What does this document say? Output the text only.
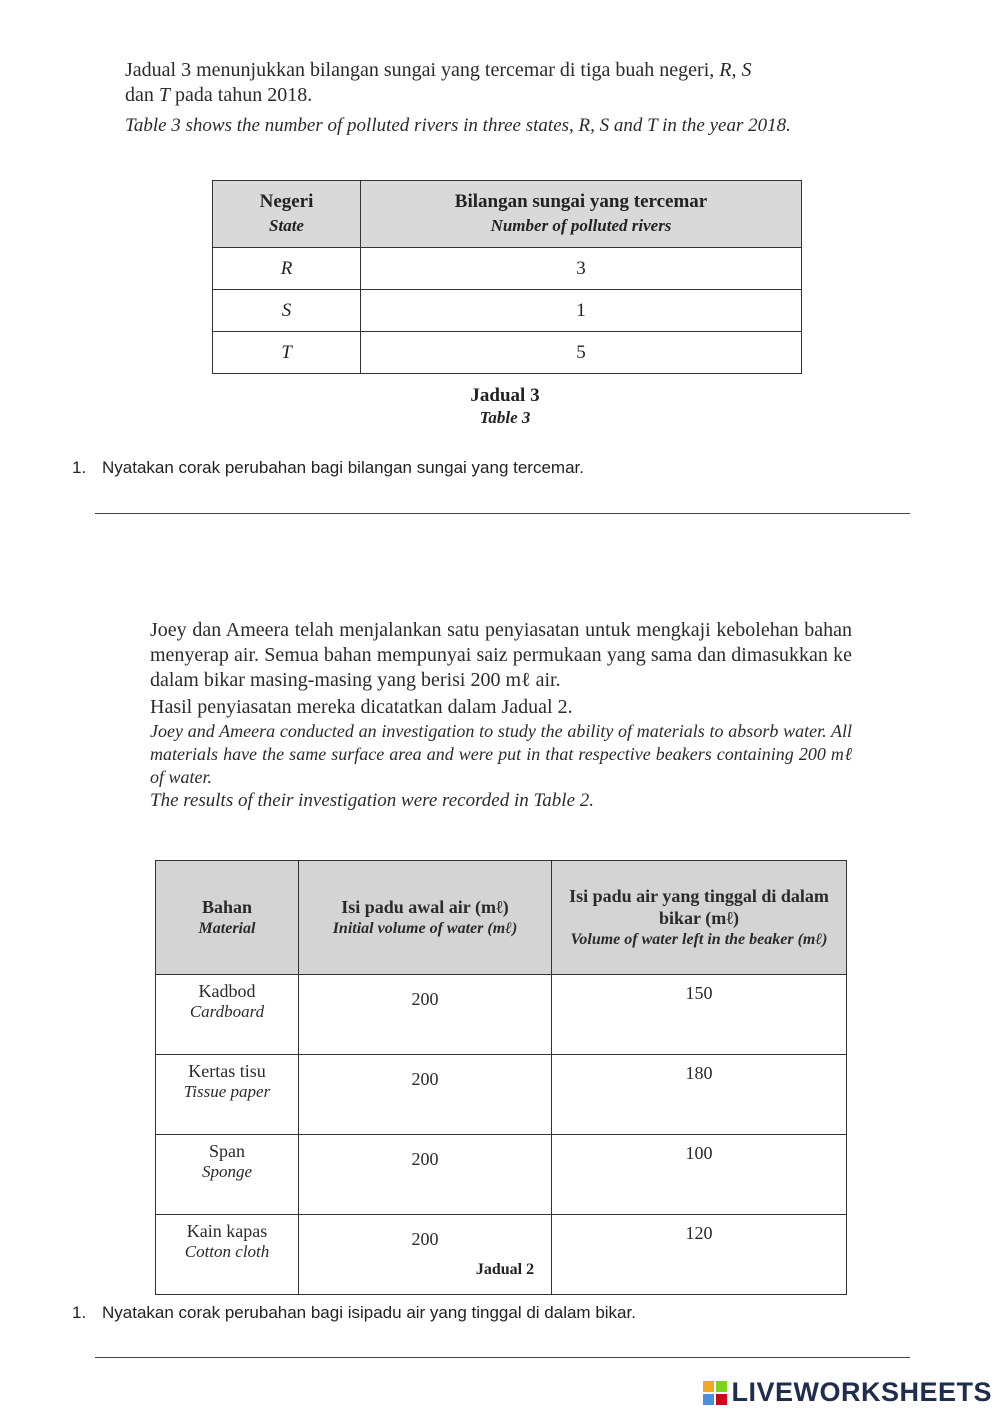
Jadual 3 menunjukkan bilangan sungai yang tercemar di tiga buah negeri, R, S
dan T pada tahun 2018.

Table 3 shows the number of polluted rivers in three states, R, S and T in the year 2018.

Negeri
State	Bilangan sungai yang tercemar
Number of polluted rivers

R	3
S	1
T	5
Jadual 3
Table 3
1. Nyatakan corak perubahan bagi bilangan sungai yang tercemar.
Joey dan Ameera telah menjalankan satu penyiasatan untuk mengkaji kebolehan bahan menyerap air. Semua bahan mempunyai saiz permukaan yang sama dan dimasukkan ke dalam bikar masing-masing yang berisi 200 mℓ air.
Hasil penyiasatan mereka dicatatkan dalam Jadual 2.
Joey and Ameera conducted an investigation to study the ability of materials to absorb water. All materials have the same surface area and were put in that respective beakers containing 200 mℓ of water.
The results of their investigation were recorded in Table 2.
Bahan
Material	Isi padu awal air (mℓ)
Initial volume of water (mℓ)	Isi padu air yang tinggal di dalam bikar (mℓ)
Volume of water left in the beaker (mℓ)

Kadbod
Cardboard	200	150
Kertas tisu
Tissue paper	200	180
Span
Sponge	200	100
Kain kapas
Cotton cloth	200	120
Jadual 2
1. Nyatakan corak perubahan bagi isipadu air yang tinggal di dalam bikar.
LIVEWORKSHEETS
